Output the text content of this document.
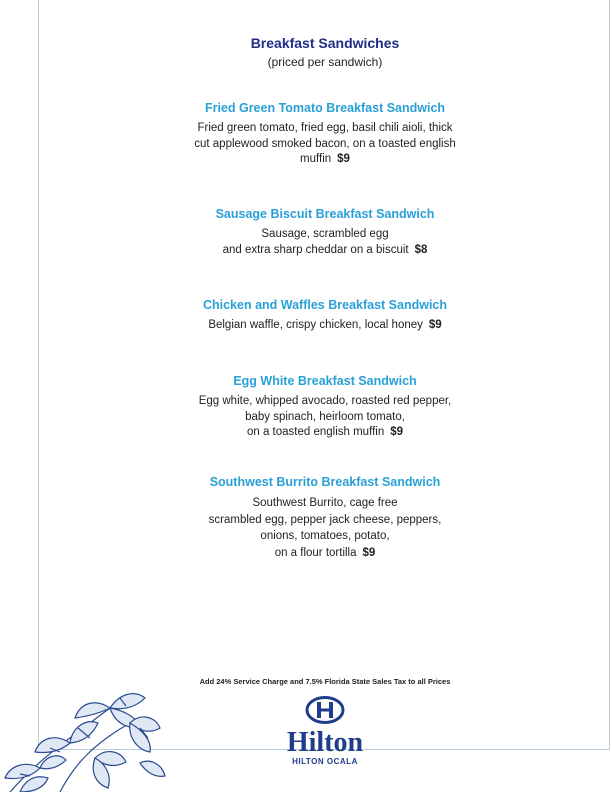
Breakfast Sandwiches
(priced per sandwich)
Fried Green Tomato Breakfast Sandwich
Fried green tomato, fried egg, basil chili aioli, thick
cut applewood smoked bacon, on a toasted english
muffin $9
Sausage Biscuit Breakfast Sandwich
Sausage, scrambled egg
and extra sharp cheddar on a biscuit $8
Chicken and Waffles Breakfast Sandwich
Belgian waffle, crispy chicken, local honey $9
Egg White Breakfast Sandwich
Egg white, whipped avocado, roasted red pepper,
baby spinach, heirloom tomato,
on a toasted english muffin $9
Southwest Burrito Breakfast Sandwich
Southwest Burrito, cage free
scrambled egg, pepper jack cheese, peppers,
onions, tomatoes, potato,
on a flour tortilla $9
Add 24% Service Charge and 7.5% Florida State Sales Tax to all Prices
Hilton
HILTON OCALA
